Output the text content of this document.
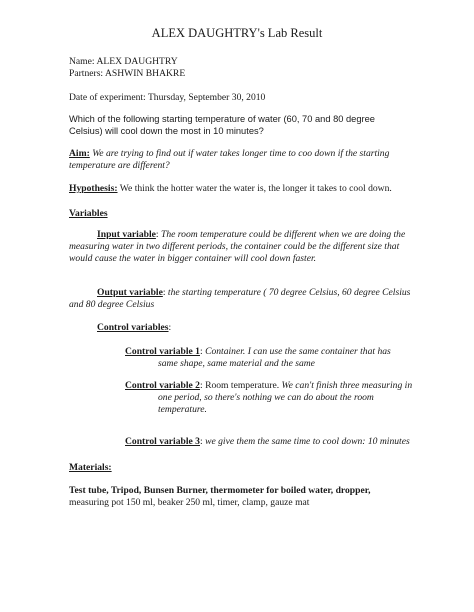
ALEX DAUGHTRY's Lab Result
Name: ALEX DAUGHTRY
Partners: ASHWIN BHAKRE
Date of experiment: Thursday, September 30, 2010
Which of the following starting temperature of water (60, 70 and 80 degree
Celsius) will cool down the most in 10 minutes?
Aim: We are trying to find out if water takes longer time to coo down if the starting
temperature are different?
Hypothesis: We think the hotter water the water is, the longer it takes to cool down.
Variables
Input variable: The room temperature could be different when we are doing the
measuring water in two different periods, the container could be the different size that
would cause the water in bigger container will cool down faster.
Output variable: the starting temperature ( 70 degree Celsius, 60 degree Celsius
and 80 degree Celsius
Control variables:
Control variable 1: Container. I can use the same container that has
same shape, same material and the same
Control variable 2: Room temperature. We can't finish three measuring in
one period, so there's nothing we can do about the room
temperature.
Control variable 3: we give them the same time to cool down: 10 minutes
Materials:
Test tube, Tripod, Bunsen Burner, thermometer for boiled water, dropper,
measuring pot 150 ml, beaker 250 ml, timer, clamp, gauze mat
